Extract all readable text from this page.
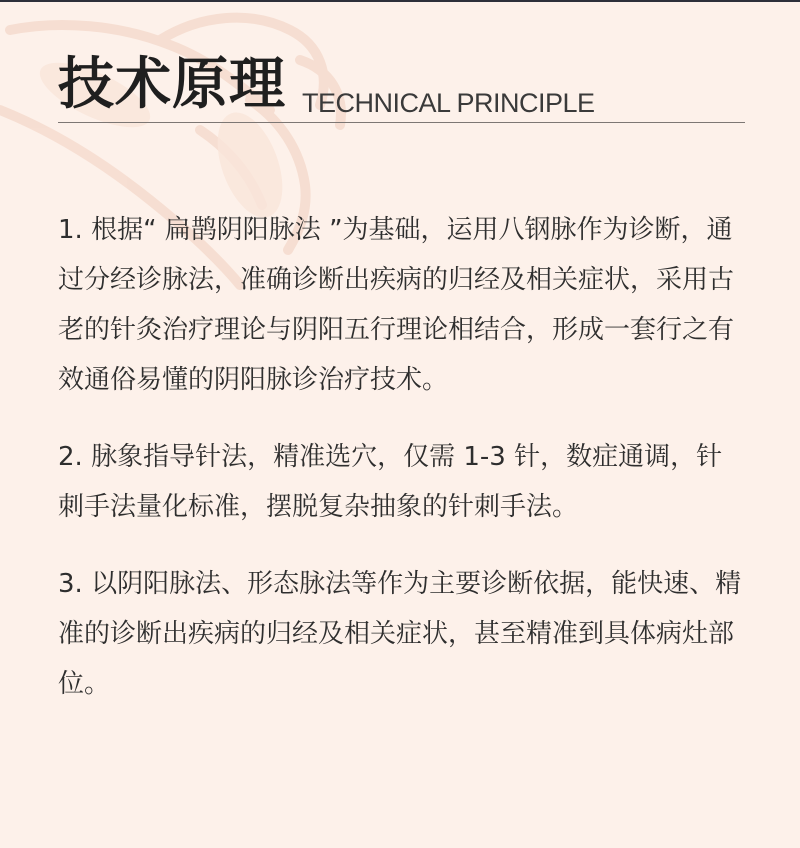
技术原理 TECHNICAL PRINCIPLE

1. 根据“ 扁鹊阴阳脉法 ”为基础，运用八钢脉作为诊断，通过分经诊脉法，准确诊断出疾病的归经及相关症状，采用古老的针灸治疗理论与阴阳五行理论相结合，形成一套行之有效通俗易懂的阴阳脉诊治疗技术。

2. 脉象指导针法，精准选穴，仅需 1-3 针，数症通调，针刺手法量化标准，摆脱复杂抽象的针刺手法。

3. 以阴阳脉法、形态脉法等作为主要诊断依据，能快速、精准的诊断出疾病的归经及相关症状，甚至精准到具体病灶部位。
